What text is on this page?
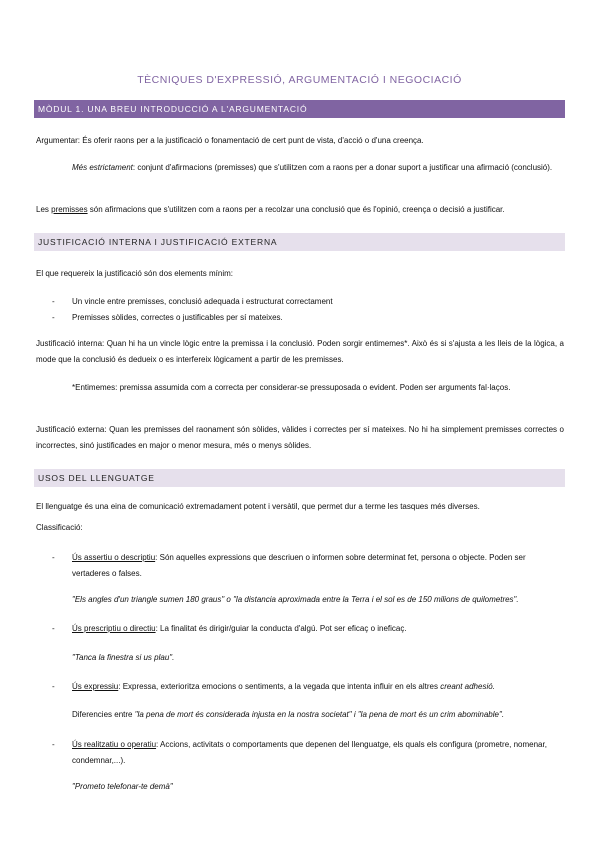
TÈCNIQUES D'EXPRESSIÓ, ARGUMENTACIÓ I NEGOCIACIÓ
MÒDUL 1. UNA BREU INTRODUCCIÓ A L'ARGUMENTACIÓ
Argumentar: És oferir raons per a la justificació o fonamentació de cert punt de vista, d'acció o d'una creença.
Més estrictament: conjunt d'afirmacions (premisses) que s'utilitzen com a raons per a donar suport a justificar una afirmació (conclusió).
Les premisses són afirmacions que s'utilitzen com a raons per a recolzar una conclusió que és l'opinió, creença o decisió a justificar.
JUSTIFICACIÓ INTERNA I JUSTIFICACIÓ EXTERNA
El que requereix la justificació són dos elements mínim:
- Un vincle entre premisses, conclusió adequada i estructurat correctament
- Premisses sòlides, correctes o justificables per sí mateixes.
Justificació interna: Quan hi ha un vincle lògic entre la premissa i la conclusió. Poden sorgir entimemes*. Això és si s'ajusta a les lleis de la lògica, a mode que la conclusió és dedueix o es interfereix lògicament a partir de les premisses.
*Entimemes: premissa assumida com a correcta per considerar-se pressuposada o evident. Poden ser arguments fal·laços.
Justificació externa: Quan les premisses del raonament són sòlides, vàlides i correctes per sí mateixes. No hi ha simplement premisses correctes o incorrectes, sinó justificades en major o menor mesura, més o menys sòlides.
USOS DEL LLENGUATGE
El llenguatge és una eina de comunicació extremadament potent i versàtil, que permet dur a terme les tasques més diverses.
Classificació:
- Ús assertiu o descriptiu: Són aquelles expressions que descriuen o informen sobre determinat fet, persona o objecte. Poden ser vertaderes o falses.
"Els angles d'un triangle sumen 180 graus" o "la distancia aproximada entre la Terra i el sol es de 150 milions de quilometres".
- Ús prescriptiu o directiu: La finalitat és dirigir/guiar la conducta d'algú. Pot ser eficaç o ineficaç.
"Tanca la finestra si us plau".
- Ús expressiu: Expressa, exterioritza emocions o sentiments, a la vegada que intenta influir en els altres creant adhesió.
Diferencies entre "la pena de mort és considerada injusta en la nostra societat" i "la pena de mort és un crim abominable".
- Ús realitzatiu o operatiu: Accions, activitats o comportaments que depenen del llenguatge, els quals els configura (prometre, nomenar, condemnar,...).
"Prometo telefonar-te demà"
